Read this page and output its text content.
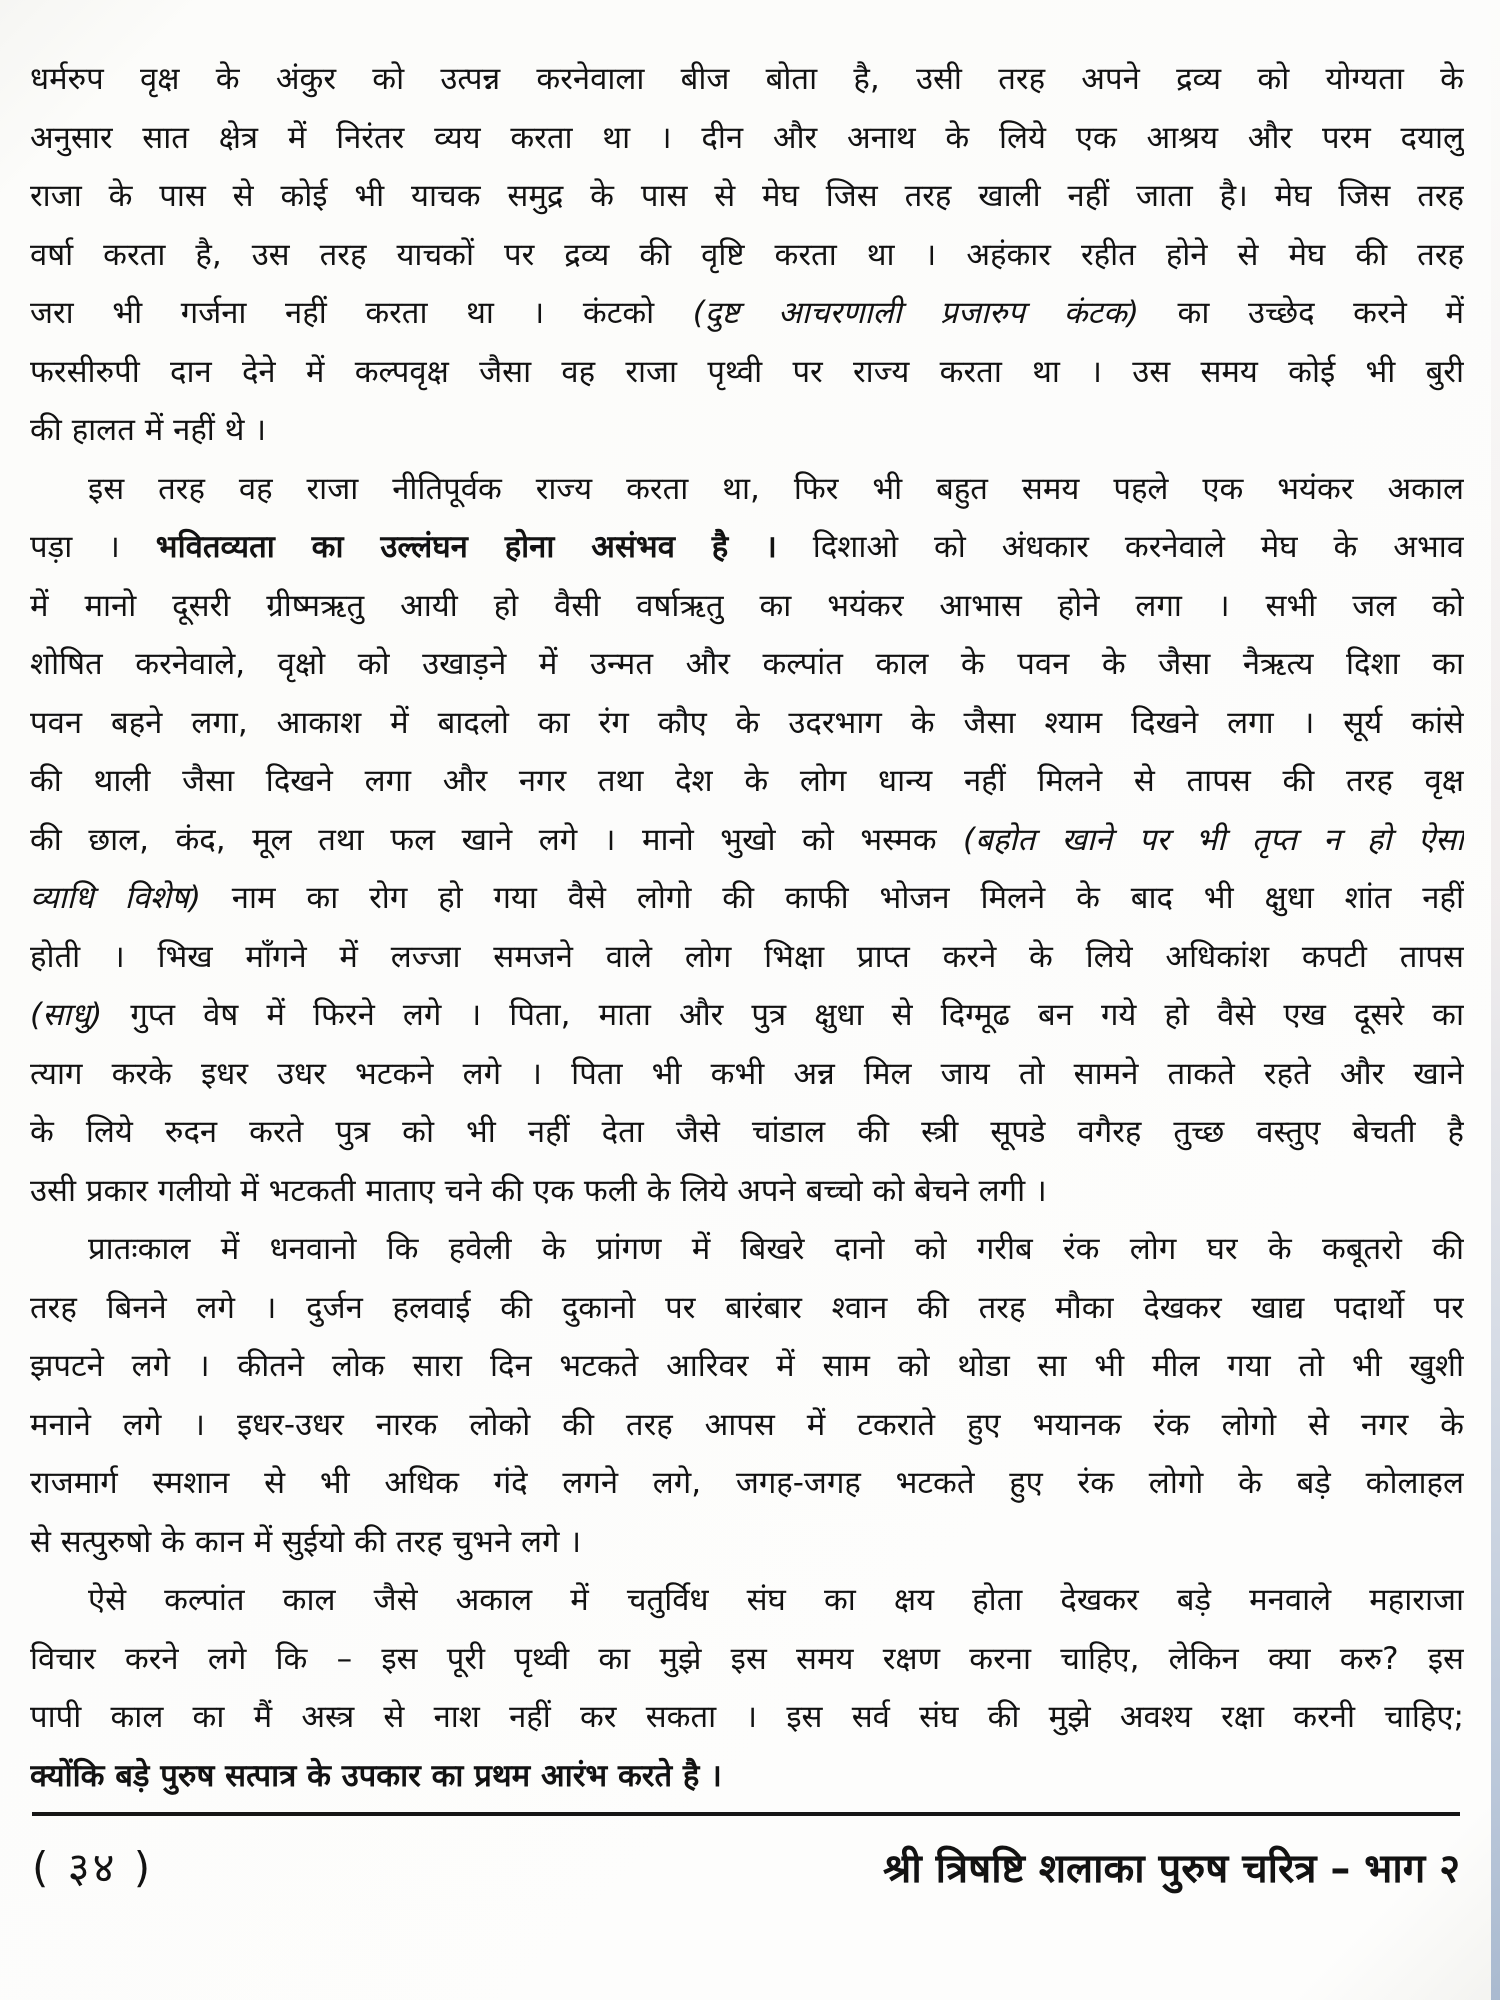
धर्मरुप वृक्ष के अंकुर को उत्पन्न करनेवाला बीज बोता है, उसी तरह अपने द्रव्य को योग्यता के
अनुसार सात क्षेत्र में निरंतर व्यय करता था । दीन और अनाथ के लिये एक आश्रय और परम दयालु
राजा के पास से कोई भी याचक समुद्र के पास से मेघ जिस तरह खाली नहीं जाता है। मेघ जिस तरह
वर्षा करता है, उस तरह याचकों पर द्रव्य की वृष्टि करता था । अहंकार रहीत होने से मेघ की तरह
जरा भी गर्जना नहीं करता था । कंटको (दुष्ट आचरणाली प्रजारुप कंटक) का उच्छेद करने में
फरसीरुपी दान देने में कल्पवृक्ष जैसा वह राजा पृथ्वी पर राज्य करता था । उस समय कोई भी बुरी
की हालत में नहीं थे ।
इस तरह वह राजा नीतिपूर्वक राज्य करता था, फिर भी बहुत समय पहले एक भयंकर अकाल
पड़ा । भवितव्यता का उल्लंघन होना असंभव है । दिशाओ को अंधकार करनेवाले मेघ के अभाव
में मानो दूसरी ग्रीष्मऋतु आयी हो वैसी वर्षाऋतु का भयंकर आभास होने लगा । सभी जल को
शोषित करनेवाले, वृक्षो को उखाड़ने में उन्मत और कल्पांत काल के पवन के जैसा नैऋत्य दिशा का
पवन बहने लगा, आकाश में बादलो का रंग कौए के उदरभाग के जैसा श्याम दिखने लगा । सूर्य कांसे
की थाली जैसा दिखने लगा और नगर तथा देश के लोग धान्य नहीं मिलने से तापस की तरह वृक्ष
की छाल, कंद, मूल तथा फल खाने लगे । मानो भुखो को भस्मक (बहोत खाने पर भी तृप्त न हो ऐसा
व्याधि विशेष) नाम का रोग हो गया वैसे लोगो की काफी भोजन मिलने के बाद भी क्षुधा शांत नहीं
होती । भिख माँगने में लज्जा समजने वाले लोग भिक्षा प्राप्त करने के लिये अधिकांश कपटी तापस
(साधु) गुप्त वेष में फिरने लगे । पिता, माता और पुत्र क्षुधा से दिग्मूढ बन गये हो वैसे एख दूसरे का
त्याग करके इधर उधर भटकने लगे । पिता भी कभी अन्न मिल जाय तो सामने ताकते रहते और खाने
के लिये रुदन करते पुत्र को भी नहीं देता जैसे चांडाल की स्त्री सूपडे वगैरह तुच्छ वस्तुए बेचती है
उसी प्रकार गलीयो में भटकती माताए चने की एक फली के लिये अपने बच्चो को बेचने लगी ।
प्रातःकाल में धनवानो कि हवेली के प्रांगण में बिखरे दानो को गरीब रंक लोग घर के कबूतरो की
तरह बिनने लगे । दुर्जन हलवाई की दुकानो पर बारंबार श्वान की तरह मौका देखकर खाद्य पदार्थो पर
झपटने लगे । कीतने लोक सारा दिन भटकते आरिवर में साम को थोडा सा भी मील गया तो भी खुशी
मनाने लगे । इधर-उधर नारक लोको की तरह आपस में टकराते हुए भयानक रंक लोगो से नगर के
राजमार्ग स्मशान से भी अधिक गंदे लगने लगे, जगह-जगह भटकते हुए रंक लोगो के बड़े कोलाहल
से सत्पुरुषो के कान में सुईयो की तरह चुभने लगे ।
ऐसे कल्पांत काल जैसे अकाल में चतुर्विध संघ का क्षय होता देखकर बड़े मनवाले महाराजा
विचार करने लगे कि – इस पूरी पृथ्वी का मुझे इस समय रक्षण करना चाहिए, लेकिन क्या करु? इस
पापी काल का मैं अस्त्र से नाश नहीं कर सकता । इस सर्व संघ की मुझे अवश्य रक्षा करनी चाहिए;
क्योंकि बड़े पुरुष सत्पात्र के उपकार का प्रथम आरंभ करते है ।
( ३४ )	श्री त्रिषष्टि शलाका पुरुष चरित्र – भाग २
